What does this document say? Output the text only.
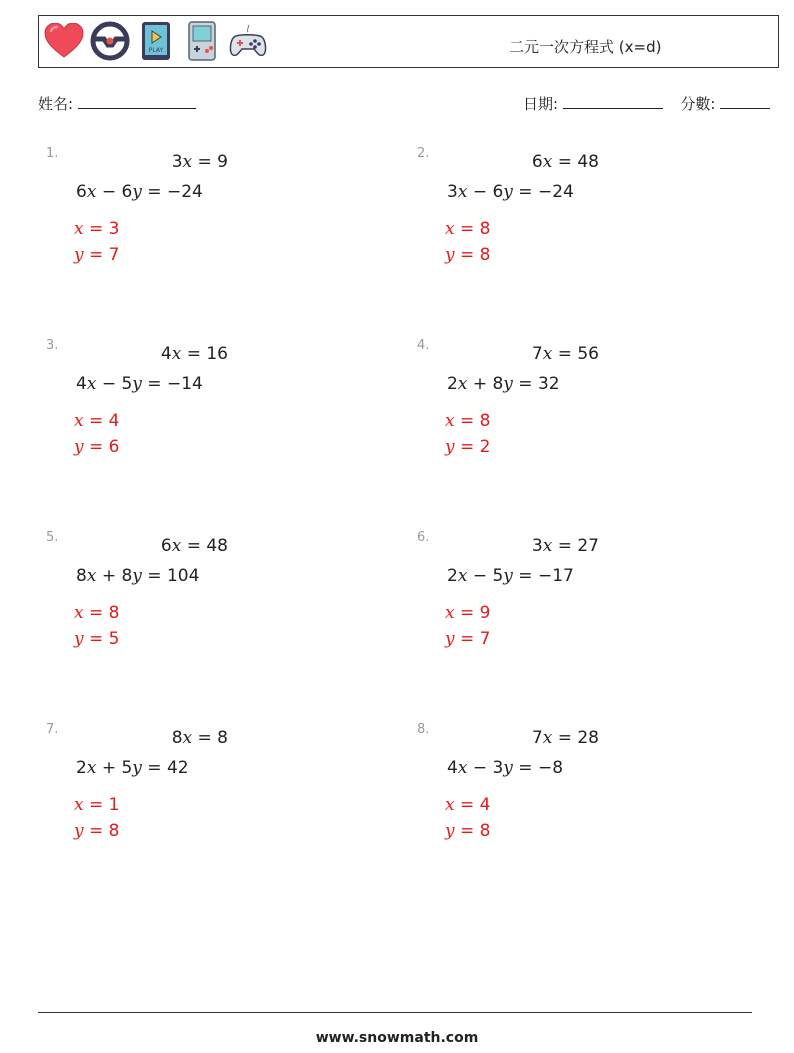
PLAY	二元一次方程式 (x=d)
姓名:	日期:	分數:
1.	3x = 9
6x − 6y = −24
x = 3
y = 7
2.	6x = 48
3x − 6y = −24
x = 8
y = 8
3.	4x = 16
4x − 5y = −14
x = 4
y = 6
4.	7x = 56
2x + 8y = 32
x = 8
y = 2
5.	6x = 48
8x + 8y = 104
x = 8
y = 5
6.	3x = 27
2x − 5y = −17
x = 9
y = 7
7.	8x = 8
2x + 5y = 42
x = 1
y = 8
8.	7x = 28
4x − 3y = −8
x = 4
y = 8
www.snowmath.com
